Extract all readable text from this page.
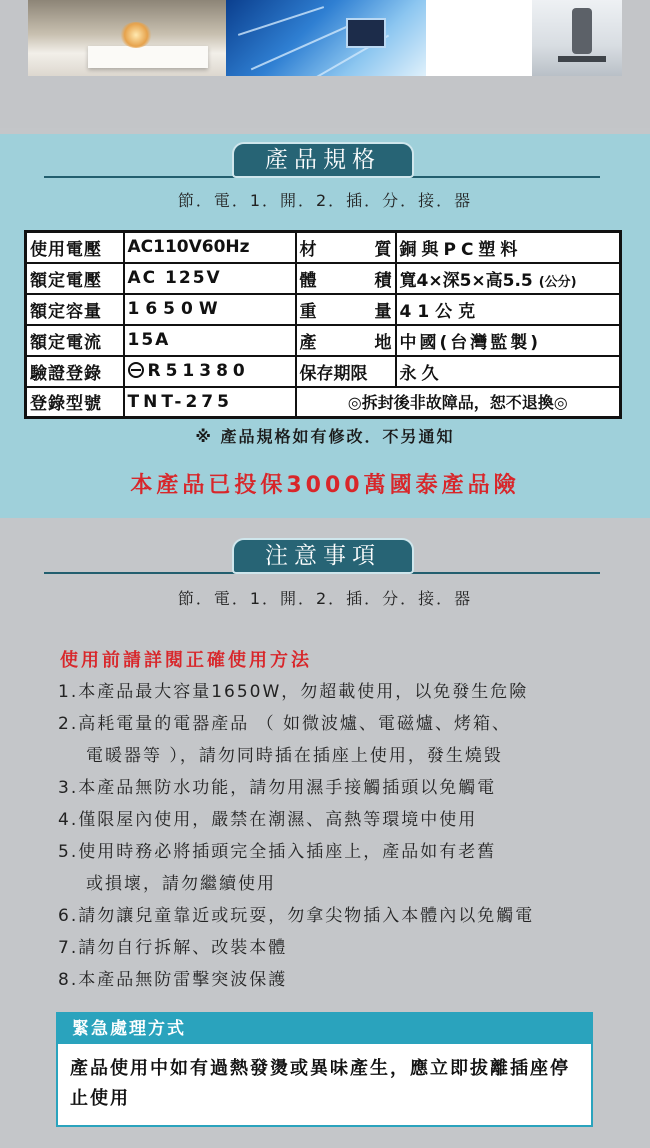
產品規格
節．電．1．開．2．插．分．接．器
使用電壓	AC110V60Hz	材　　質	銅與PC塑料
額定電壓	AC 125V	體　　積	寬4×深5×高5.5 (公分)
額定容量	1650W	重　　量	41公克
額定電流	15A	產　　地	中國(台灣監製)
驗證登錄	R51380	保存期限	永久
登錄型號	TNT-275	◎拆封後非故障品，恕不退換◎	
※ 產品規格如有修改．不另通知
本產品已投保3000萬國泰產品險
注意事項
節．電．1．開．2．插．分．接．器
使用前請詳閱正確使用方法
1.本產品最大容量1650W，勿超載使用，以免發生危險
2.高耗電量的電器產品 （ 如微波爐、電磁爐、烤箱、
電暖器等 ），請勿同時插在插座上使用，發生燒毀
3.本產品無防水功能，請勿用濕手接觸插頭以免觸電
4.僅限屋內使用，嚴禁在潮濕、高熱等環境中使用
5.使用時務必將插頭完全插入插座上，產品如有老舊
或損壞，請勿繼續使用
6.請勿讓兒童靠近或玩耍，勿拿尖物插入本體內以免觸電
7.請勿自行拆解、改裝本體
8.本產品無防雷擊突波保護
緊急處理方式
產品使用中如有過熱發燙或異味產生，應立即拔離插座停止使用
